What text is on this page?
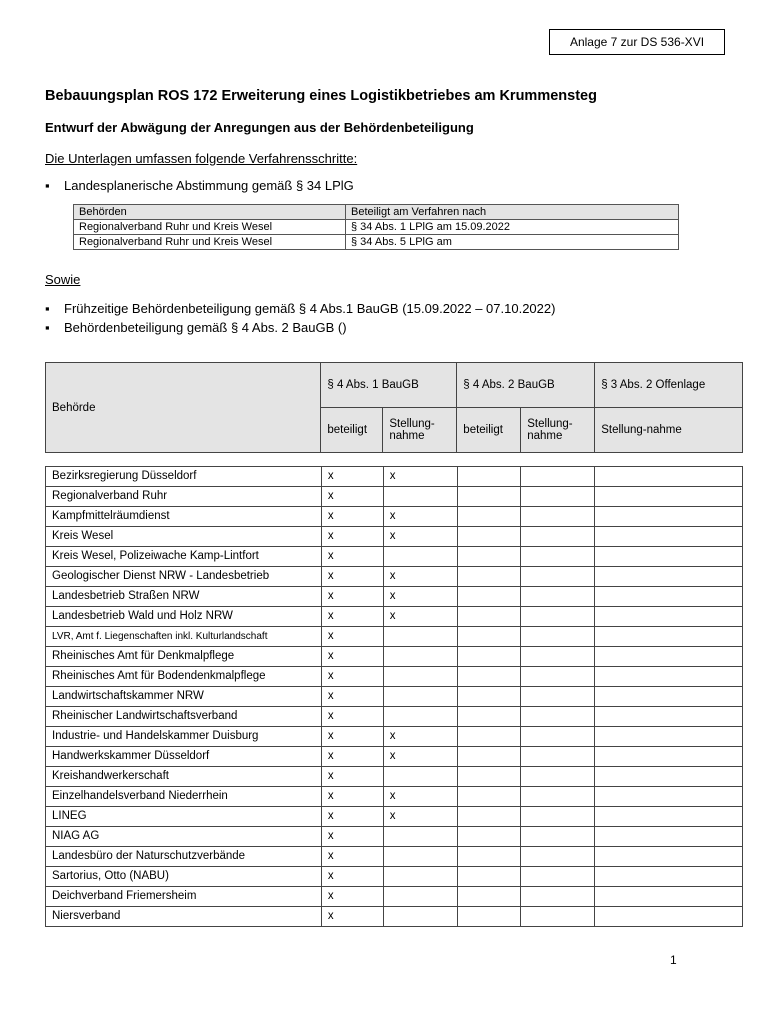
Anlage 7 zur DS 536-XVI
Bebauungsplan ROS 172 Erweiterung eines Logistikbetriebes am Krummensteg
Entwurf der Abwägung der Anregungen aus der Behördenbeteiligung
Die Unterlagen umfassen folgende Verfahrensschritte:
▪ Landesplanerische Abstimmung gemäß § 34 LPlG
Behörden	Beteiligt am Verfahren nach
Regionalverband Ruhr und Kreis Wesel	§ 34 Abs. 1 LPlG am 15.09.2022
Regionalverband Ruhr und Kreis Wesel	§ 34 Abs. 5 LPlG am
Sowie
▪ Frühzeitige Behördenbeteiligung gemäß § 4 Abs.1 BauGB (15.09.2022 – 07.10.2022)
▪ Behördenbeteiligung gemäß § 4 Abs. 2 BauGB ()
Behörde	§ 4 Abs. 1 BauGB		§ 4 Abs. 2 BauGB		§ 3 Abs. 2 Offenlage
	beteiligt	Stellung-nahme	beteiligt	Stellung-nahme	Stellung-nahme
Bezirksregierung Düsseldorf	x	x			
Regionalverband Ruhr	x				
Kampfmittelräumdienst	x	x			
Kreis Wesel	x	x			
Kreis Wesel, Polizeiwache Kamp-Lintfort	x				
Geologischer Dienst NRW - Landesbetrieb	x	x			
Landesbetrieb Straßen NRW	x	x			
Landesbetrieb Wald und Holz NRW	x	x			
LVR, Amt f. Liegenschaften inkl. Kulturlandschaft	x				
Rheinisches Amt für Denkmalpflege	x				
Rheinisches Amt für Bodendenkmalpflege	x				
Landwirtschaftskammer NRW	x				
Rheinischer Landwirtschaftsverband	x				
Industrie- und Handelskammer Duisburg	x	x			
Handwerkskammer Düsseldorf	x	x			
Kreishandwerkerschaft	x				
Einzelhandelsverband Niederrhein	x	x			
LINEG	x	x			
NIAG AG	x				
Landesbüro der Naturschutzverbände	x				
Sartorius, Otto (NABU)	x				
Deichverband Friemersheim	x				
Niersverband	x				
1
